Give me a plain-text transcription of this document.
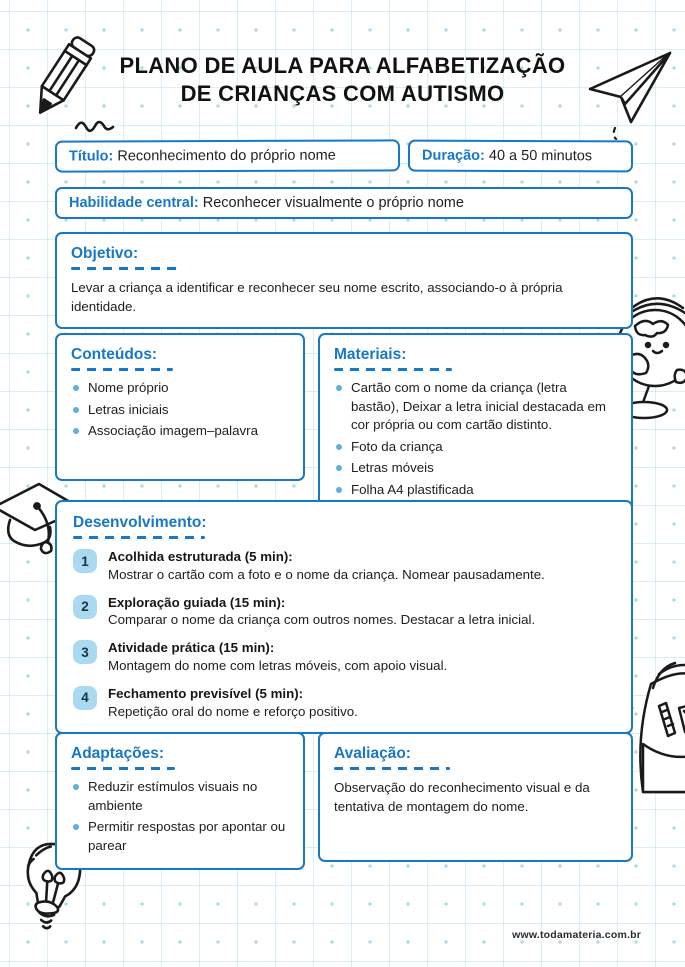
PLANO DE AULA PARA ALFABETIZAÇÃO
DE CRIANÇAS COM AUTISMO
Título: Reconhecimento do próprio nome	Duração: 40 a 50 minutos
Habilidade central: Reconhecer visualmente o próprio nome
Objetivo:

Levar a criança a identificar e reconhecer seu nome escrito, associando-o à própria identidade.

Conteúdos:
Nome próprio
Letras iniciais
Associação imagem–palavra
Materiais:
Cartão com o nome da criança (letra bastão), Deixar a letra inicial destacada em cor própria ou com cartão distinto.
Foto da criança
Letras móveis
Folha A4 plastificada
Desenvolvimento:
1	Acolhida estruturada (5 min):
Mostrar o cartão com a foto e o nome da criança. Nomear pausadamente.
2	Exploração guiada (15 min):
Comparar o nome da criança com outros nomes. Destacar a letra inicial.
3	Atividade prática (15 min):
Montagem do nome com letras móveis, com apoio visual.
4	Fechamento previsível (5 min):
Repetição oral do nome e reforço positivo.
Adaptações:
Reduzir estímulos visuais no ambiente
Permitir respostas por apontar ou parear
Avaliação:

Observação do reconhecimento visual e da tentativa de montagem do nome.

www.todamateria.com.br
